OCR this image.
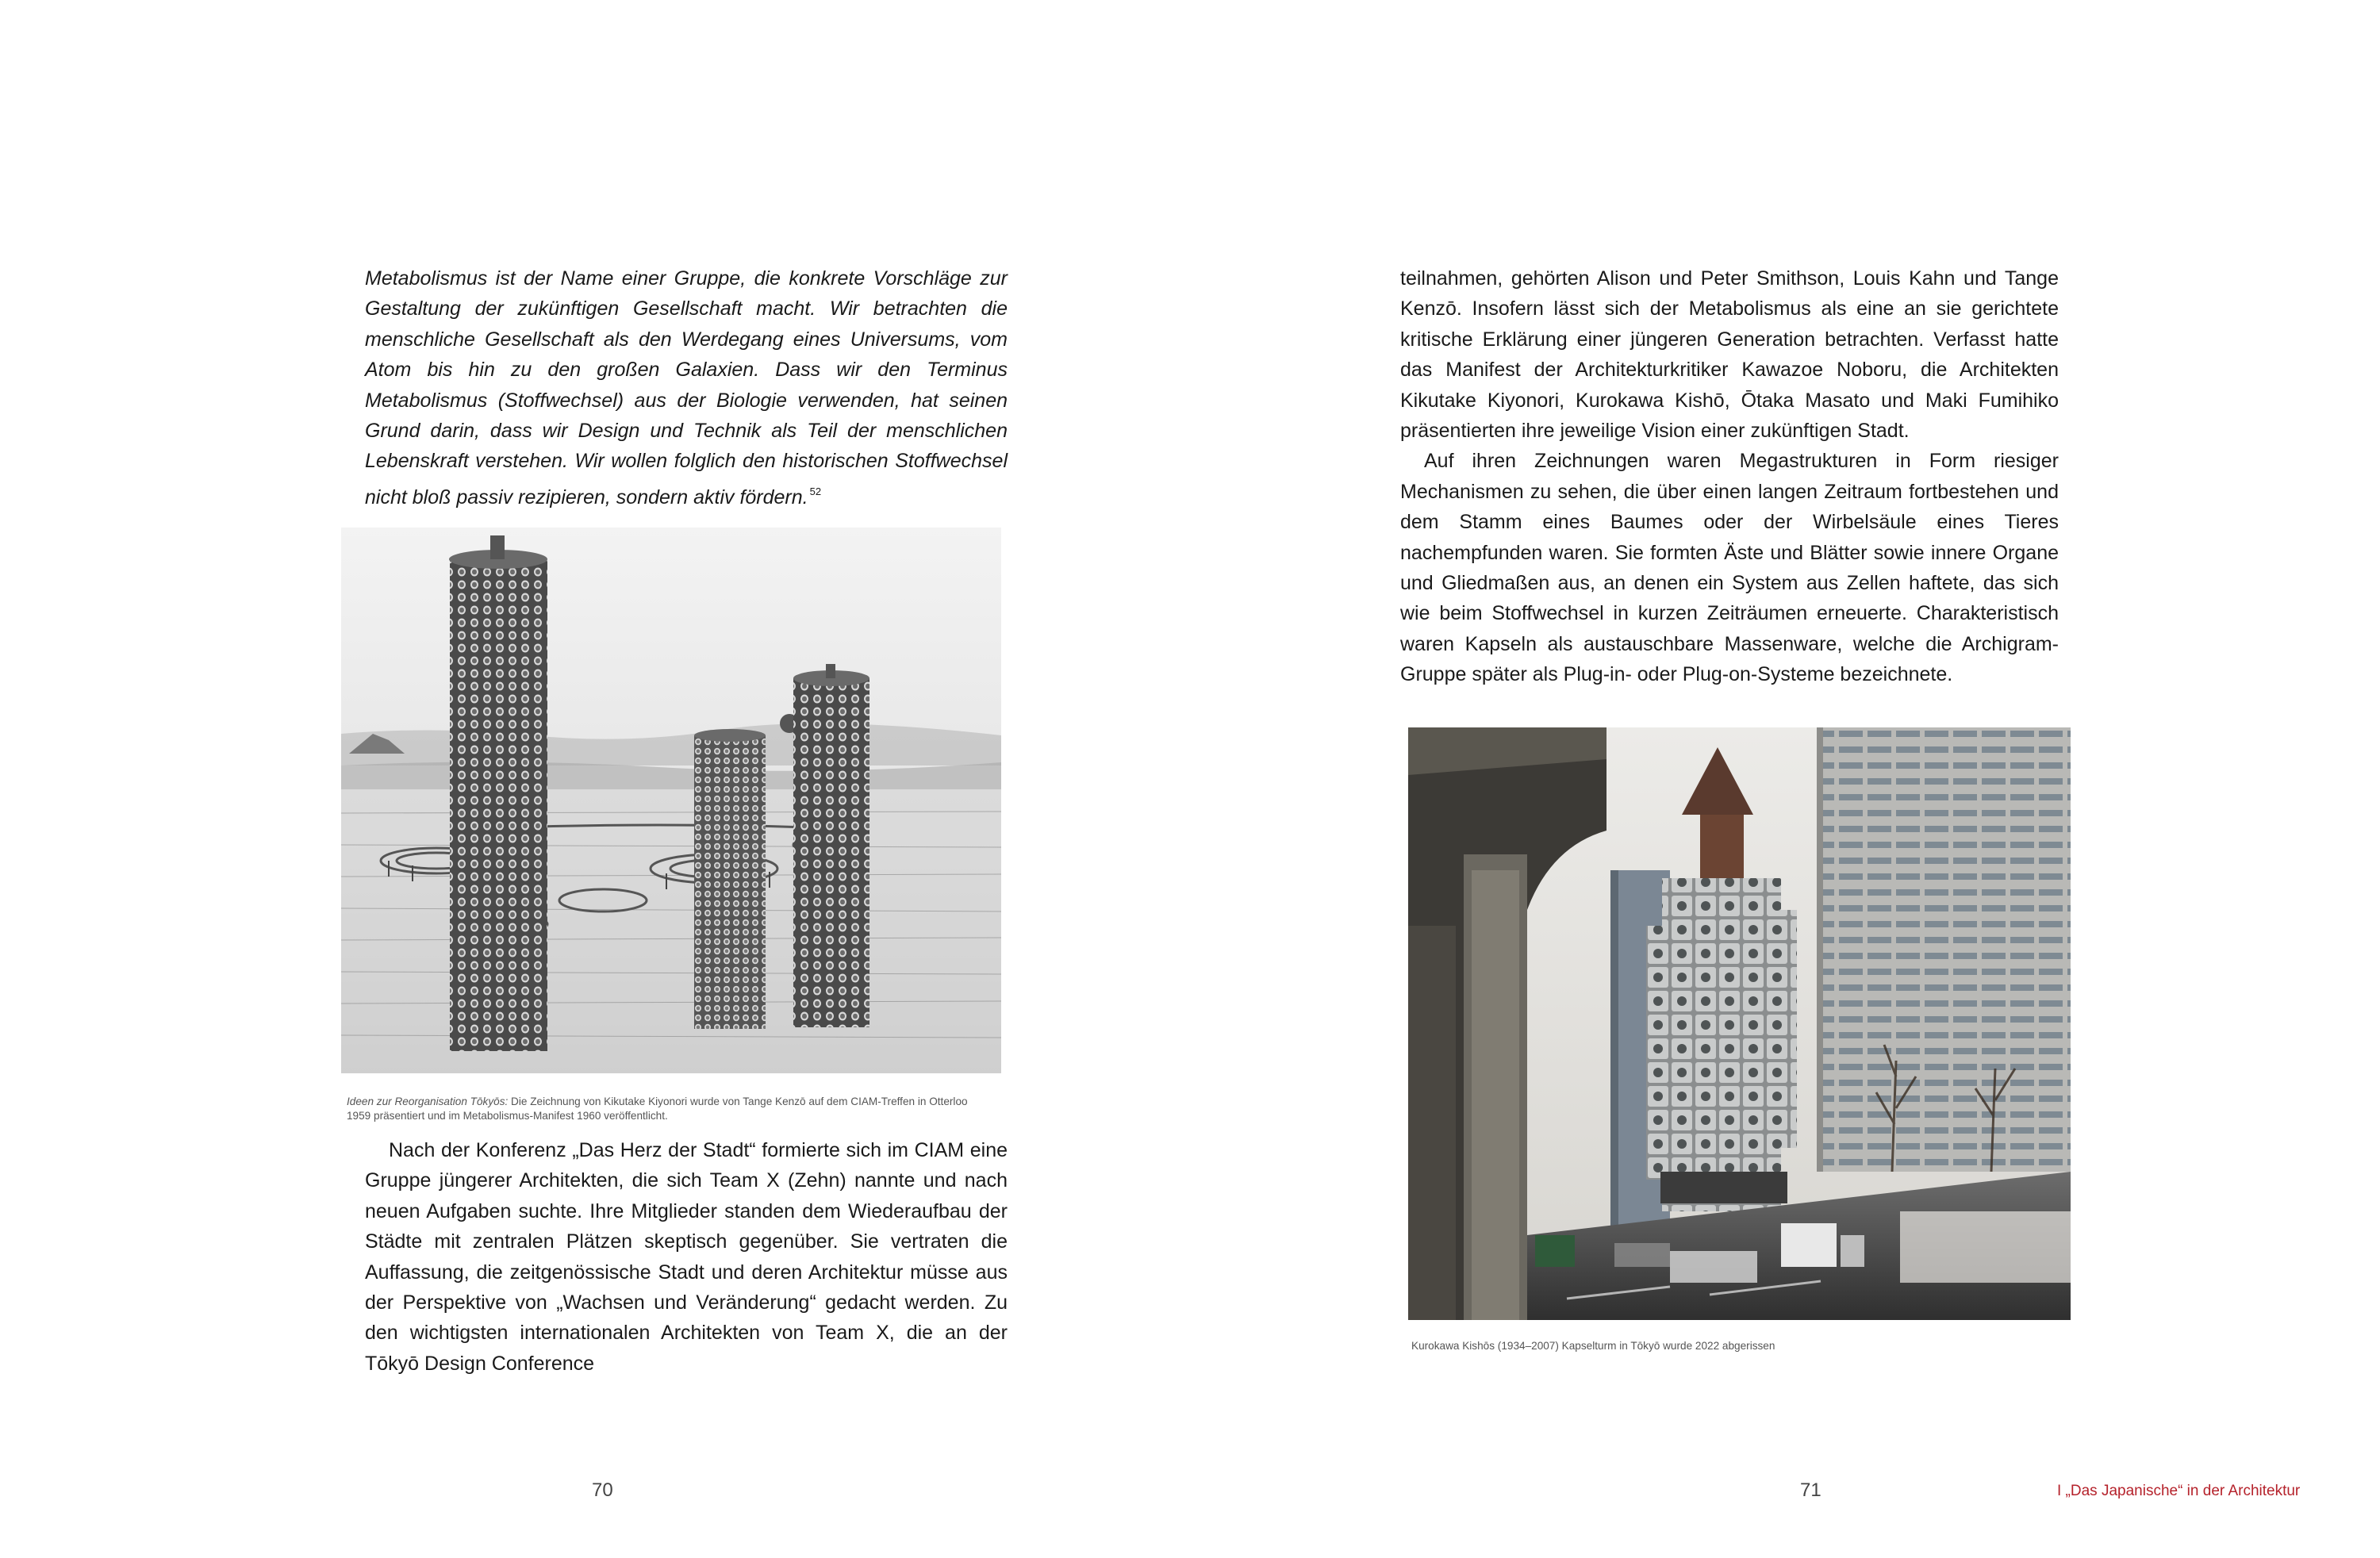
Metabolismus ist der Name einer Gruppe, die konkrete Vorschläge zur Gestaltung der zukünftigen Gesellschaft macht. Wir betrachten die menschliche Gesellschaft als den Werdegang eines Universums, vom Atom bis hin zu den großen Galaxien. Dass wir den Terminus Metabolismus (Stoffwechsel) aus der Biologie verwenden, hat seinen Grund darin, dass wir Design und Technik als Teil der menschlichen Lebenskraft verstehen. Wir wollen folglich den historischen Stoffwechsel nicht bloß passiv rezipieren, sondern aktiv fördern. $^{52}$

Ideen zur Reorganisation Tōkyōs: Die Zeichnung von Kikutake Kiyonori wurde von Tange Kenzō auf dem CIAM-Treffen in Otterloo 1959 präsentiert und im Metabolismus-Manifest 1960 veröffentlicht.

Nach der Konferenz „Das Herz der Stadt“ formierte sich im CIAM eine Gruppe jüngerer Architekten, die sich Team X (Zehn) nannte und nach neuen Aufgaben suchte. Ihre Mitglieder standen dem Wiederaufbau der Städte mit zentralen Plätzen skeptisch gegenüber. Sie vertraten die Auffassung, die zeitgenössische Stadt und deren Architektur müsse aus der Perspektive von „Wachsen und Veränderung“ gedacht werden. Zu den wichtigsten internationalen Architekten von Team X, die an der Tōkyō Design Conference

70

teilnahmen, gehörten Alison und Peter Smithson, Louis Kahn und Tange Kenzō. Insofern lässt sich der Metabolismus als eine an sie gerichtete kritische Erklärung einer jüngeren Generation betrachten. Verfasst hatte das Manifest der Architekturkritiker Kawazoe Noboru, die Architekten Kikutake Kiyonori, Kurokawa Kishō, Ōtaka Masato und Maki Fumihiko präsentierten ihre jeweilige Vision einer zukünftigen Stadt.

Auf ihren Zeichnungen waren Megastrukturen in Form riesiger Mechanismen zu sehen, die über einen langen Zeitraum fortbestehen und dem Stamm eines Baumes oder der Wirbelsäule eines Tieres nachempfunden waren. Sie formten Äste und Blätter sowie innere Organe und Gliedmaßen aus, an denen ein System aus Zellen haftete, das sich wie beim Stoffwechsel in kurzen Zeiträumen erneuerte. Charakteristisch waren Kapseln als austauschbare Massenware, welche die Archigram-Gruppe später als Plug-in- oder Plug-on-Systeme bezeichnete.

Kurokawa Kishōs (1934–2007) Kapselturm in Tōkyō wurde 2022 abgerissen

71	I „Das Japanische“ in der Architektur
